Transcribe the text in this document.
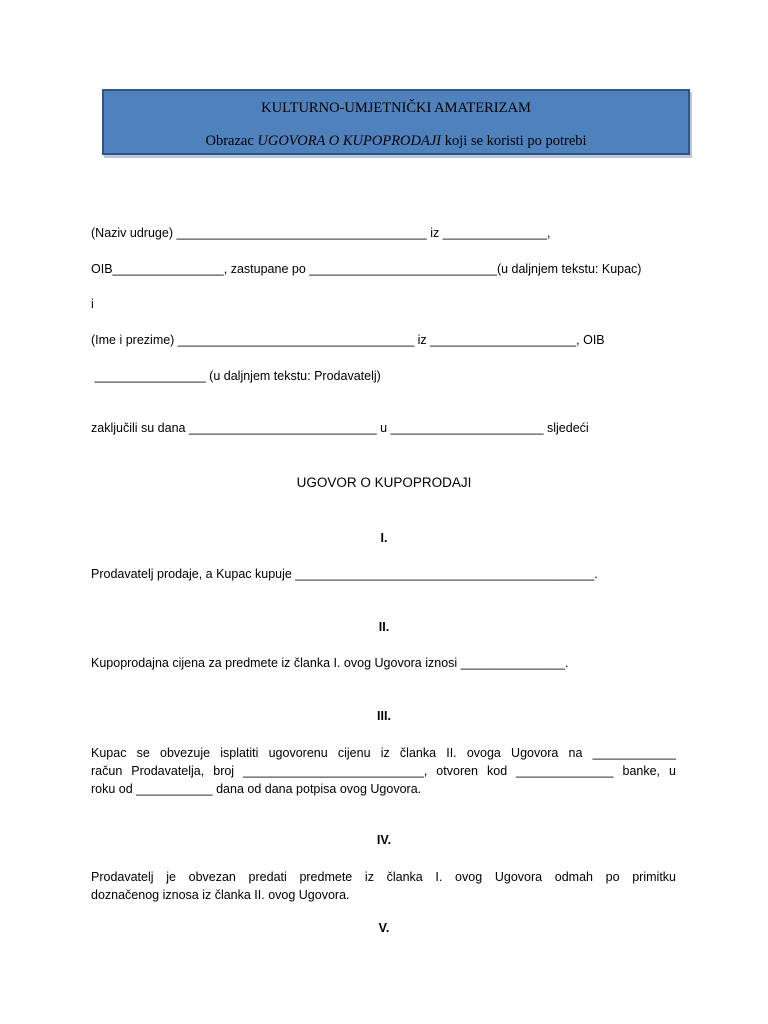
KULTURNO-UMJETNIČKI AMATERIZAM
Obrazac UGOVORA O KUPOPRODAJI koji se koristi po potrebi
(Naziv udruge) ____________________________________ iz _______________,
OIB________________, zastupane po ___________________________(u daljnjem tekstu: Kupac)
i
(Ime i prezime) __________________________________ iz _____________________, OIB
________________ (u daljnjem tekstu: Prodavatelj)
zaključili su dana ___________________________ u ______________________ sljedeći
UGOVOR O KUPOPRODAJI
I.
Prodavatelj prodaje, a Kupac kupuje ___________________________________________.
II.
Kupoprodajna cijena za predmete iz članka I. ovog Ugovora iznosi _______________.
III.
Kupac se obvezuje isplatiti ugovorenu cijenu iz članka II. ovoga Ugovora na ____________
račun Prodavatelja, broj __________________________, otvoren kod ______________ banke, u
roku od ___________ dana od dana potpisa ovog Ugovora.
IV.
Prodavatelj je obvezan predati predmete iz članka I. ovog Ugovora odmah po primitku
doznačenog iznosa iz članka II. ovog Ugovora.
V.
